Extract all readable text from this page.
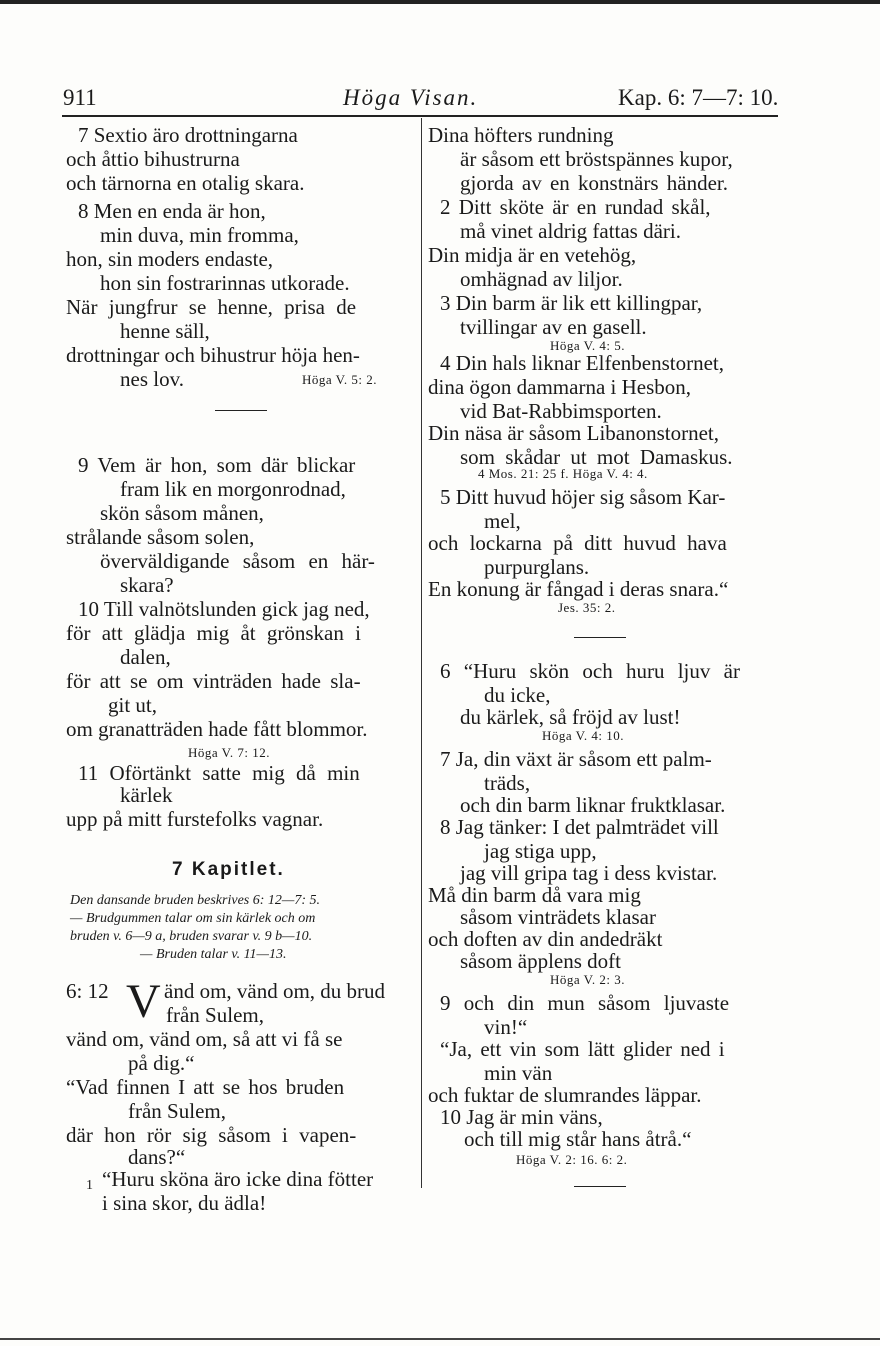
911	Höga Visan.	Kap. 6: 7—7: 10.
7 Sextio äro drottningarna
och åttio bihustrurna
och tärnorna en otalig skara.
8 Men en enda är hon,
min duva, min fromma,
hon, sin moders endaste,
hon sin fostrarinnas utkorade.
När jungfrur se henne, prisa de
henne säll,
drottningar och bihustrur höja hen-
nes lov.	Höga V. 5: 2.
9 Vem är hon, som där blickar
fram lik en morgonrodnad,
skön såsom månen,
strålande såsom solen,
överväldigande såsom en här-
skara?
10 Till valnötslunden gick jag ned,
för att glädja mig åt grönskan i
dalen,
för att se om vinträden hade sla-
git ut,
om granatträden hade fått blommor.
Höga V. 7: 12.
11 Oförtänkt satte mig då min
kärlek
upp på mitt furstefolks vagnar.
7 Kapitlet.
Den dansande bruden beskrives 6: 12—7: 5.
— Brudgummen talar om sin kärlek och om
bruden v. 6—9 a, bruden svarar v. 9 b—10.
— Bruden talar v. 11—13.
6: 12 V änd om, vänd om, du brud
från Sulem,
vänd om, vänd om, så att vi få se
på dig.“
“Vad finnen I att se hos bruden
från Sulem,
där hon rör sig såsom i vapen-
dans?“
1 “Huru sköna äro icke dina fötter
i sina skor, du ädla!
Dina höfters rundning
är såsom ett bröstspännes kupor,
gjorda av en konstnärs händer.
2 Ditt sköte är en rundad skål,
må vinet aldrig fattas däri.
Din midja är en vetehög,
omhägnad av liljor.
3 Din barm är lik ett killingpar,
tvillingar av en gasell.
Höga V. 4: 5.
4 Din hals liknar Elfenbenstornet,
dina ögon dammarna i Hesbon,
vid Bat-Rabbimsporten.
Din näsa är såsom Libanonstornet,
som skådar ut mot Damaskus.
4 Mos. 21: 25 f. Höga V. 4: 4.
5 Ditt huvud höjer sig såsom Kar-
mel,
och lockarna på ditt huvud hava
purpurglans.
En konung är fångad i deras snara.“
Jes. 35: 2.
6 “Huru skön och huru ljuv är
du icke,
du kärlek, så fröjd av lust!
Höga V. 4: 10.
7 Ja, din växt är såsom ett palm-
träds,
och din barm liknar fruktklasar.
8 Jag tänker: I det palmträdet vill
jag stiga upp,
jag vill gripa tag i dess kvistar.
Må din barm då vara mig
såsom vinträdets klasar
och doften av din andedräkt
såsom äpplens doft
Höga V. 2: 3.
9 och din mun såsom ljuvaste
vin!“
“Ja, ett vin som lätt glider ned i
min vän
och fuktar de slumrandes läppar.
10 Jag är min väns,
och till mig står hans åtrå.“
Höga V. 2: 16. 6: 2.
